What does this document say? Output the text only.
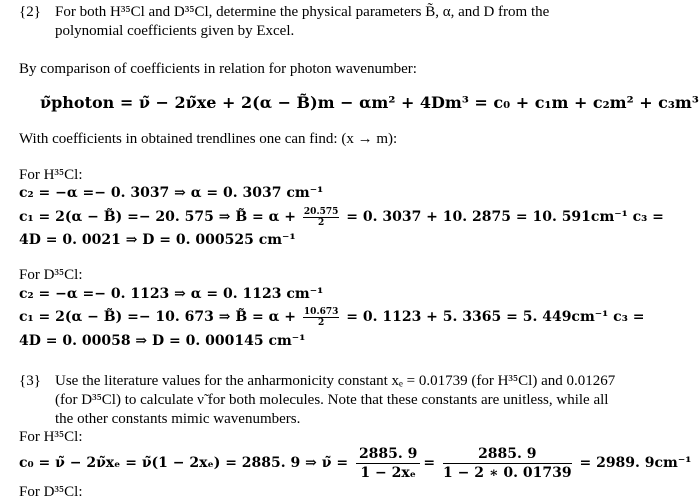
{2} For both H³⁵Cl and D³⁵Cl, determine the physical parameters B̃, α, and D from the
polynomial coefficients given by Excel.
By comparison of coefficients in relation for photon wavenumber:
ν̃photon = ν̃ − 2ν̃xe + 2(α − B̃)m − αm² + 4Dm³ = c₀ + c₁m + c₂m² + c₃m³
With coefficients in obtained trendlines one can find: (x → m):
For H³⁵Cl:
c₂ = −α =− 0. 3037 ⇒ α = 0. 3037 cm⁻¹
c₁ = 2(α − B̃) =− 20. 575 ⇒ B̃ = $\alpha + \frac{20.575}{2} = 0$. 3037 + 10. 2875 = 10. 591cm⁻¹ c₃ =
4D = 0. 0021 ⇒ D = 0. 000525 cm⁻¹
For D³⁵Cl:
c₂ = −α =− 0. 1123 ⇒ α = 0. 1123 cm⁻¹
c₁ = 2(α − B̃) =− 10. 673 ⇒ B̃ = $\alpha + \frac{10.673}{2} = 0$. 1123 + 5. 3365 = 5. 449cm⁻¹ c₃ =
4D = 0. 00058 ⇒ D = 0. 000145 cm⁻¹
{3} Use the literature values for the anharmonicity constant xₑ = 0.01739 (for H³⁵Cl) and 0.01267
(for D³⁵Cl) to calculate ν̃ for both molecules. Note that these constants are unitless, while all
the other constants mimic wavenumbers.
For H³⁵Cl:
c₀ = ν̃ − 2ν̃xₑ = ν̃(1 − 2xₑ) = 2885. 9 ⇒ ν̃ = $\frac{2885. 9}{\text{1 − 2xₑ}} = \frac{2885. 9}{1 - 2 ∗ 0. 01739} = 2989$. 9cm⁻¹
For D³⁵Cl:
